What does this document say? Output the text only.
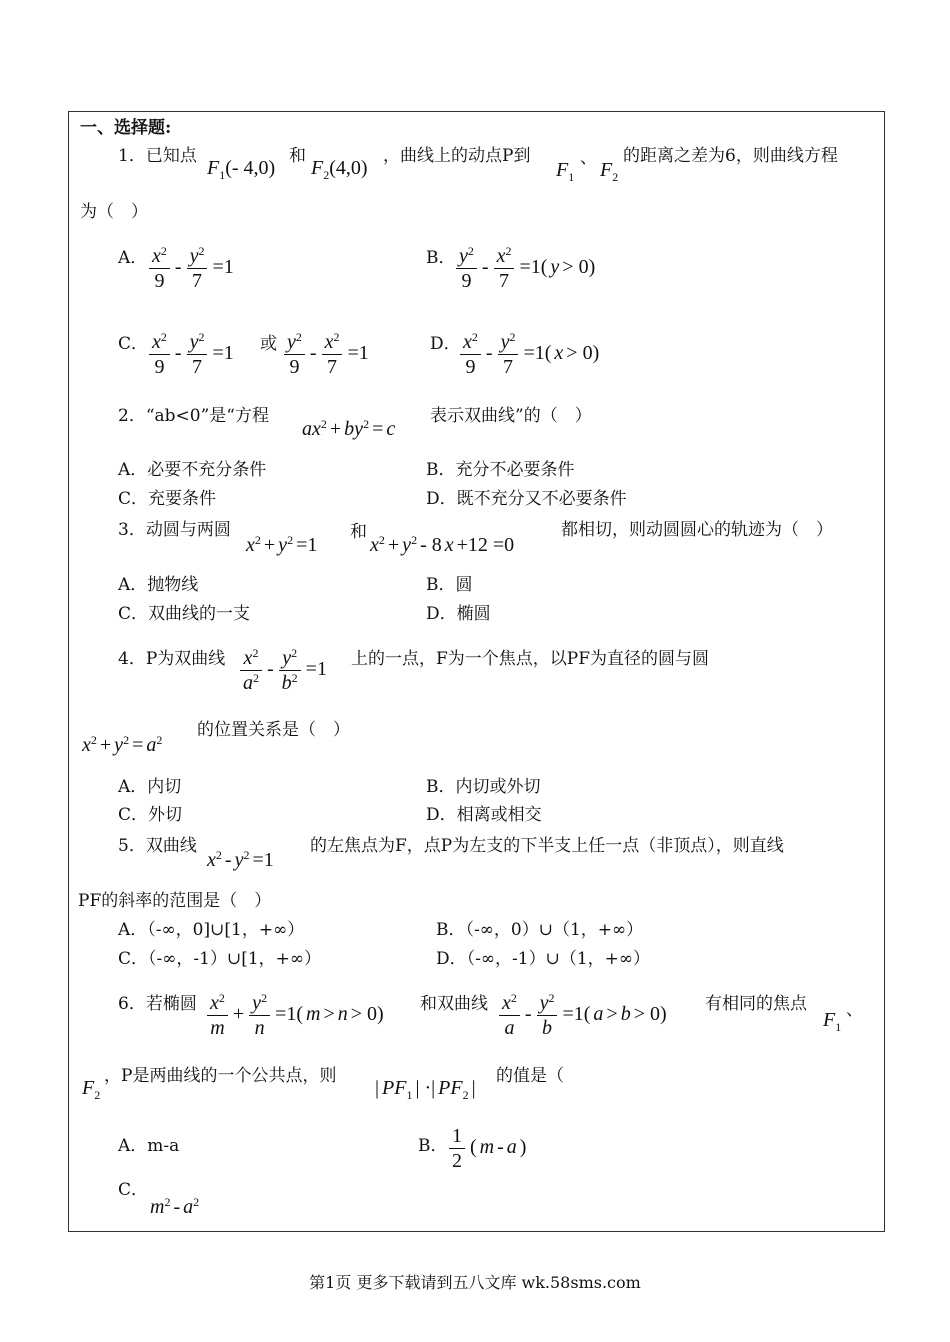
一、选择题:
1．已知点
$F_1(-$ 4,0)
和
$F_2(4,0)$
，曲线上的动点P到
$F_1$
、
$F_2$
的距离之差为6，则曲线方程
为（　）
A． $\frac{x^2}{9} - \frac{y^2}{7} =1$	B． $\frac{y^2}{9} - \frac{x^2}{7} =1$( y > 0)
C． $\frac{x^2}{9} - \frac{y^2}{7} =1$ 或 $\frac{y^2}{9} - \frac{x^2}{7} =1$	D． $\frac{x^2}{9} - \frac{y^2}{7} =1$( x > 0)
2．“ab<0”是“方程
$ax^2 + by^2 = c$
表示双曲线”的（　）
A．必要不充分条件	B．充分不必要条件
C．充要条件	D．既不充分又不必要条件
3．动圆与两圆
$x^2 + y^2 =1$
和
$x^2 + y^2 - 8$ x +12 =0
都相切，则动圆圆心的轨迹为（　）
A．抛物线	B．圆
C．双曲线的一支	D．椭圆
4．P为双曲线 $\frac{x^2}{a^2} - \frac{y^2}{b^2} =1$ 上的一点，F为一个焦点，以PF为直径的圆与圆
$x^2 + y^2 = a^2$ 的位置关系是（　）
A．内切	B．内切或外切
C．外切	D．相离或相交
5．双曲线
$x^2 - y^2 =1$
的左焦点为F，点P为左支的下半支上任一点（非顶点），则直线
PF的斜率的范围是（　）
A．（-∞，0]∪[1，+∞）	B．（-∞，0）∪（1，+∞）
C．（-∞，-1）∪[1，+∞）	D．（-∞，-1）∪（1，+∞）
6．若椭圆 $\frac{x^2}{m} + \frac{y^2}{n} =1$( m > n > 0) 和双曲线 $\frac{x^2}{a} - \frac{y^2}{b} =1$( a > b > 0) 有相同的焦点
$F_1$
、
$F_2$
，P是两曲线的一个公共点，则
| $PF_1$ | ·| $PF_2$ |
的值是（
A．m-a	B． $\frac{1}{2}$ ( m - a )
C．
$m^2 - a^2$
第1页 更多下载请到五八文库 wk.58sms.com
